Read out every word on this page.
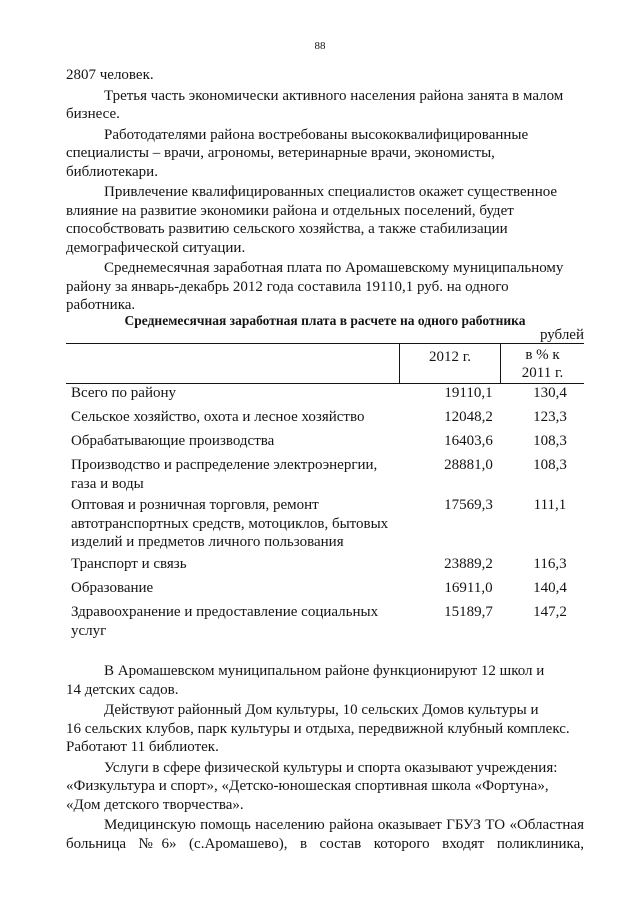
88
2807 человек.
Третья часть экономически активного населения района занята в малом
бизнесе.
Работодателями района востребованы высококвалифицированные
специалисты – врачи, агрономы, ветеринарные врачи, экономисты,
библиотекари.
Привлечение квалифицированных специалистов окажет существенное
влияние на развитие экономики района и отдельных поселений, будет
способствовать развитию сельского хозяйства, а также стабилизации
демографической ситуации.
Среднемесячная заработная плата по Аромашевскому муниципальному
району за январь-декабрь 2012 года составила 19110,1 руб. на одного
работника.
Среднемесячная заработная плата в расчете на одного работника
рублей
2012 г.	в % к
2011 г.
Всего по району	19110,1	130,4
Сельское хозяйство, охота и лесное хозяйство	12048,2	123,3
Обрабатывающие производства	16403,6	108,3
Производство и распределение электроэнергии,
газа и воды
28881,0	108,3
Оптовая и розничная торговля, ремонт
автотранспортных средств, мотоциклов, бытовых
изделий и предметов личного пользования
17569,3	111,1
Транспорт и связь	23889,2	116,3
Образование	16911,0	140,4
Здравоохранение и предоставление социальных
услуг
15189,7	147,2
В Аромашевском муниципальном районе функционируют 12 школ и
14 детских садов.
Действуют районный Дом культуры, 10 сельских Домов культуры и
16 сельских клубов, парк культуры и отдыха, передвижной клубный комплекс.
Работают 11 библиотек.
Услуги в сфере физической культуры и спорта оказывают учреждения:
«Физкультура и спорт», «Детско-юношеская спортивная школа «Фортуна»,
«Дом детского творчества».
Медицинскую помощь населению района оказывает ГБУЗ ТО «Областная
больница №6» (с.Аромашево), в состав которого входят поликлиника,
